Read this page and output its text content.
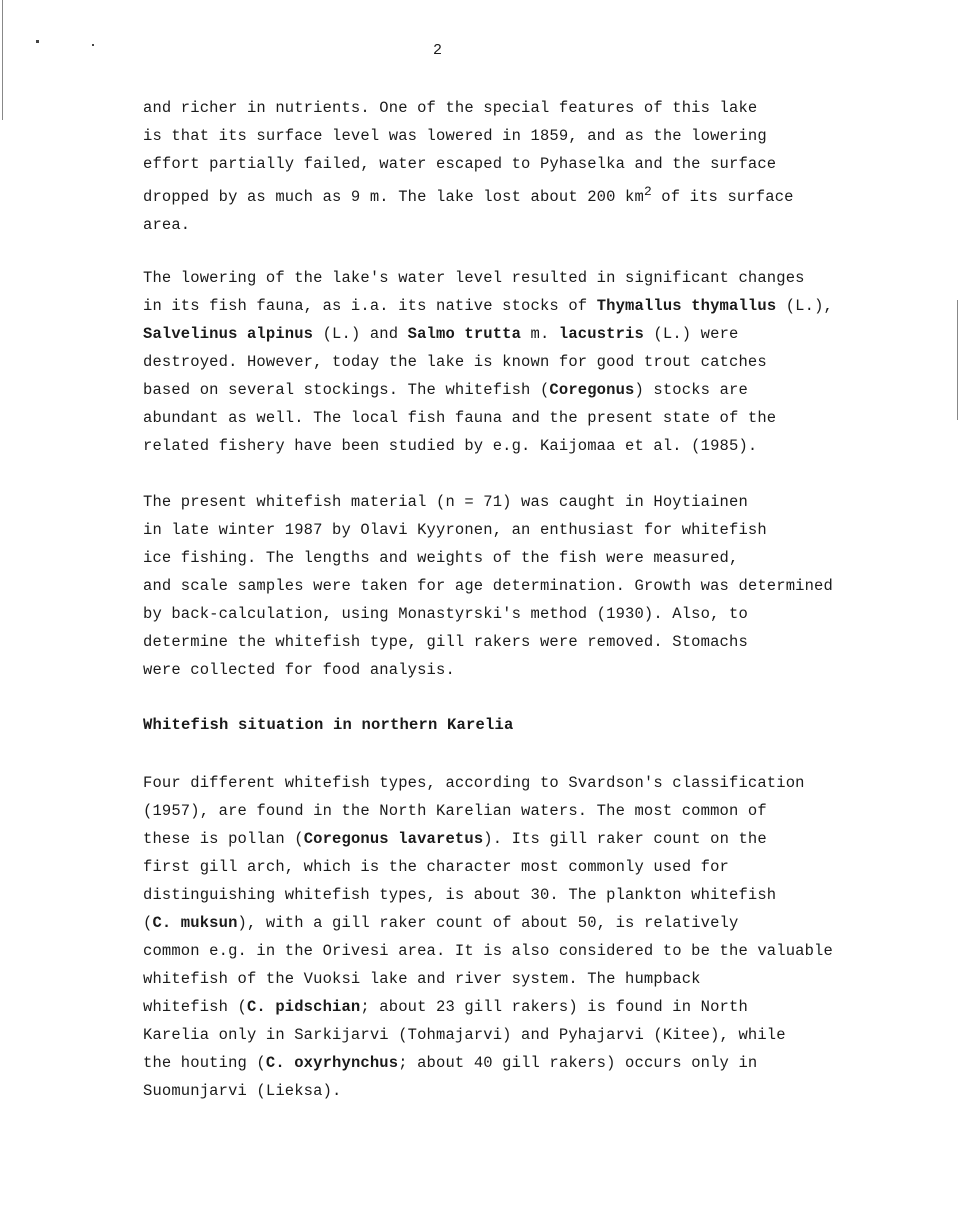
2
and richer in nutrients. One of the special features of this lake
is that its surface level was lowered in 1859, and as the lowering
effort partially failed, water escaped to Pyhaselka and the surface
dropped by as much as 9 m. The lake lost about 200 $km^2$ of its surface
area.
The lowering of the lake's water level resulted in significant changes
in its fish fauna, as i.a. its native stocks of Thymallus thymallus (L.),
Salvelinus alpinus (L.) and Salmo trutta m. lacustris (L.) were
destroyed. However, today the lake is known for good trout catches
based on several stockings. The whitefish (Coregonus) stocks are
abundant as well. The local fish fauna and the present state of the
related fishery have been studied by e.g. Kaijomaa et al. (1985).
The present whitefish material (n = 71) was caught in Hoytiainen
in late winter 1987 by Olavi Kyyronen, an enthusiast for whitefish
ice fishing. The lengths and weights of the fish were measured,
and scale samples were taken for age determination. Growth was determined
by back-calculation, using Monastyrski's method (1930). Also, to
determine the whitefish type, gill rakers were removed. Stomachs
were collected for food analysis.
Whitefish situation in northern Karelia
Four different whitefish types, according to Svardson's classification
(1957), are found in the North Karelian waters. The most common of
these is pollan (Coregonus lavaretus). Its gill raker count on the
first gill arch, which is the character most commonly used for
distinguishing whitefish types, is about 30. The plankton whitefish
(C. muksun), with a gill raker count of about 50, is relatively
common e.g. in the Orivesi area. It is also considered to be the valuable
whitefish of the Vuoksi lake and river system. The humpback
whitefish (C. pidschian; about 23 gill rakers) is found in North
Karelia only in Sarkijarvi (Tohmajarvi) and Pyhajarvi (Kitee), while
the houting (C. oxyrhynchus; about 40 gill rakers) occurs only in
Suomunjarvi (Lieksa).
